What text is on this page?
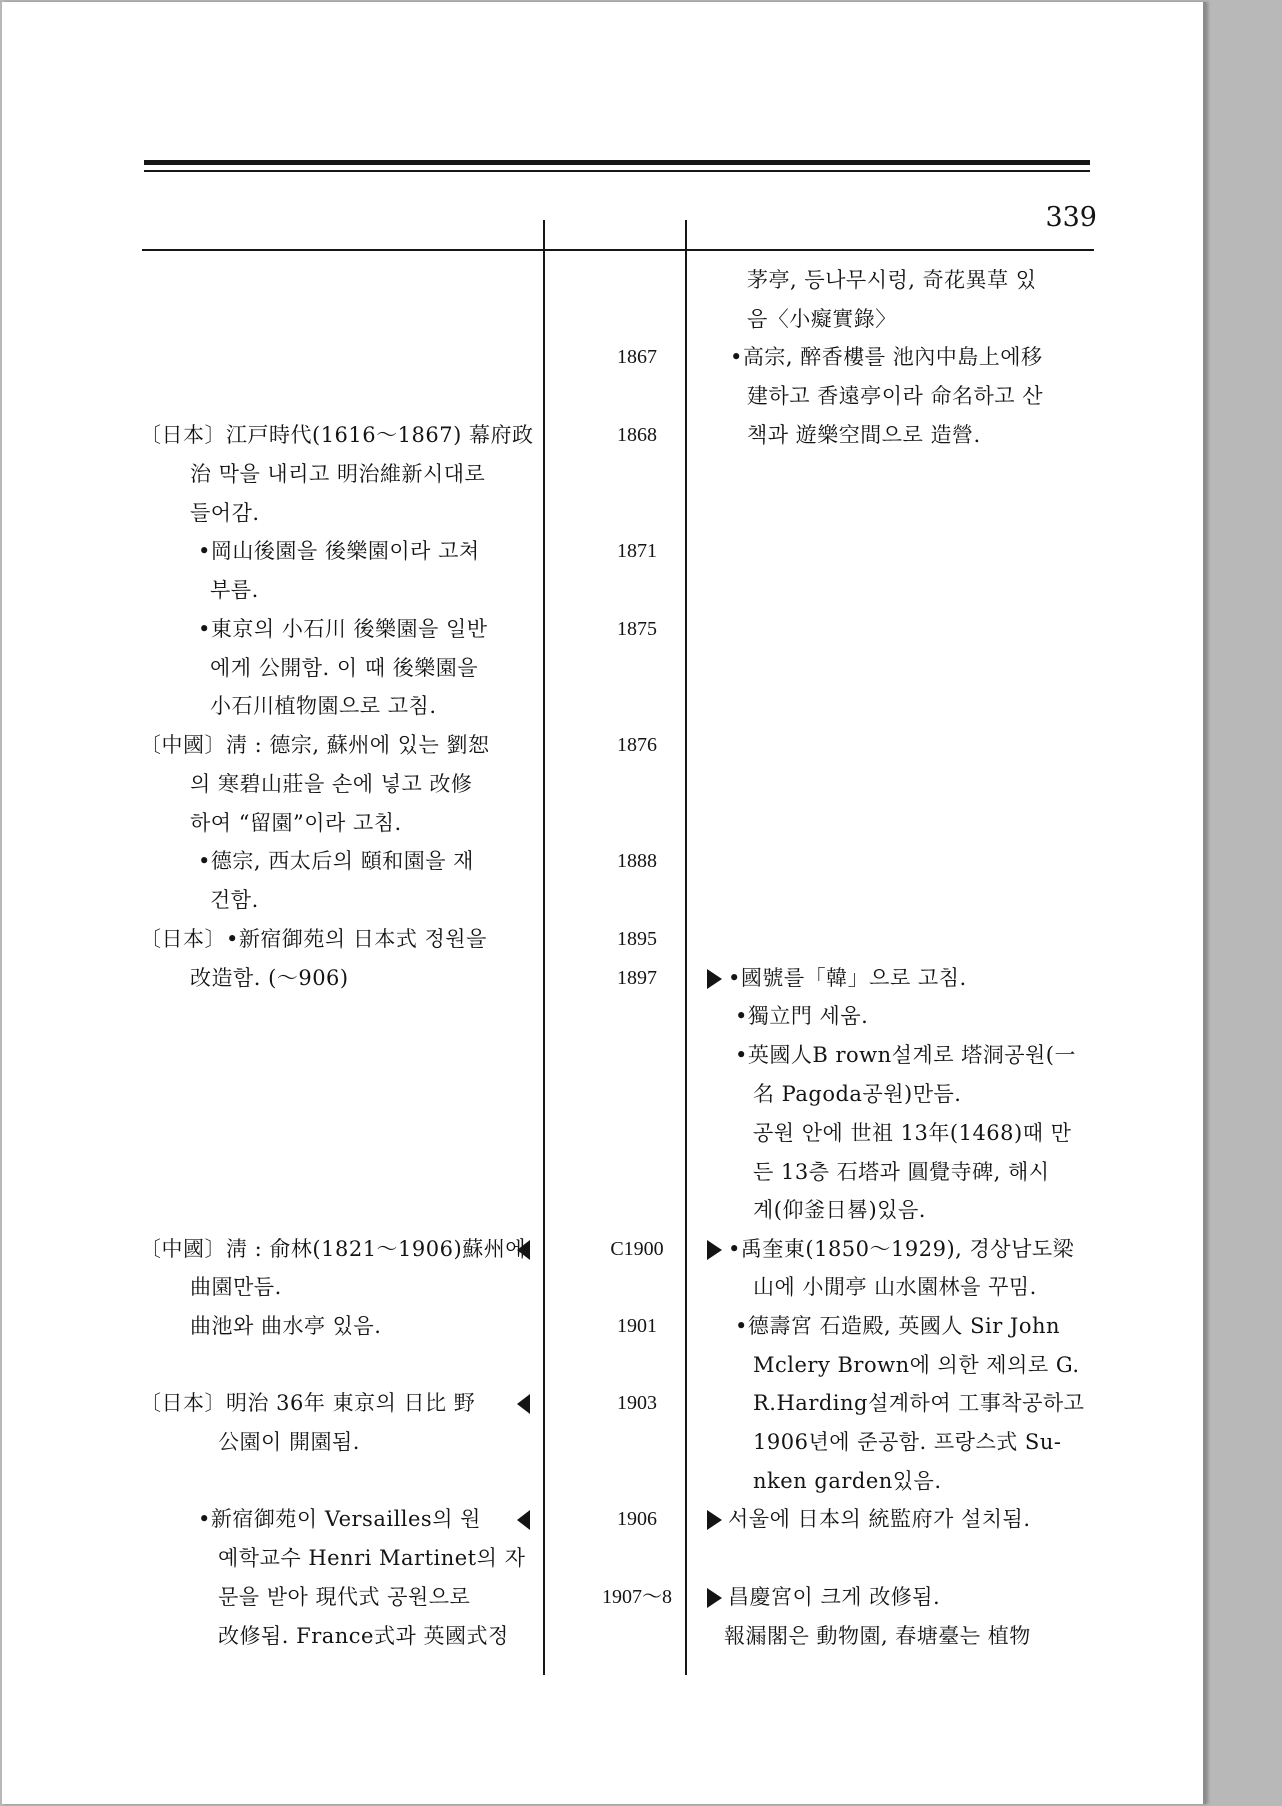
339
〔日本〕江戸時代(1616～1867) 幕府政
治 막을 내리고 明治維新시대로
들어감.
•岡山後園을 後樂園이라 고쳐
부름.
•東京의 小石川 後樂園을 일반
에게 公開함. 이 때 後樂園을
小石川植物園으로 고침.
〔中國〕淸 : 德宗, 蘇州에 있는 劉恕
의 寒碧山莊을 손에 넣고 改修
하여 “留園”이라 고침.
•德宗, 西太后의 頤和園을 재
건함.
〔日本〕•新宿御苑의 日本式 정원을
改造함. (～906)
〔中國〕淸 : 俞林(1821～1906)蘇州에
曲園만듬.
曲池와 曲水亭 있음.
〔日本〕明治 36年 東京의 日比 野
公園이 開園됨.
•新宿御苑이 Versailles의 원
예학교수 Henri Martinet의 자
문을 받아 現代式 공원으로
改修됨. France式과 英國式정
1867
1868
1871
1875
1876
1888
1895
1897
C1900
1901
1903
1906
1907～8
茅亭, 등나무시렁, 奇花異草 있
음〈小癡實錄〉
•高宗, 醉香樓를 池內中島上에移
建하고 香遠亭이라 命名하고 산
책과 遊樂空間으로 造營.
•國號를「韓」으로 고침.
•獨立門 세움.
•英國人B rown설계로 塔洞공원(一
名 Pagoda공원)만듬.
공원 안에 世祖 13年(1468)때 만
든 13층 石塔과 圓覺寺碑, 해시
계(仰釜日晷)있음.
•禹奎東(1850～1929), 경상남도梁
山에 小閒亭 山水園林을 꾸밈.
•德壽宮 石造殿, 英國人 Sir John
Mclery Brown에 의한 제의로 G.
R.Harding설계하여 工事착공하고
1906년에 준공함. 프랑스式 Su-
nken garden있음.
서울에 日本의 統監府가 설치됨.
昌慶宮이 크게 改修됨.
報漏閣은 動物園, 春塘臺는 植物
